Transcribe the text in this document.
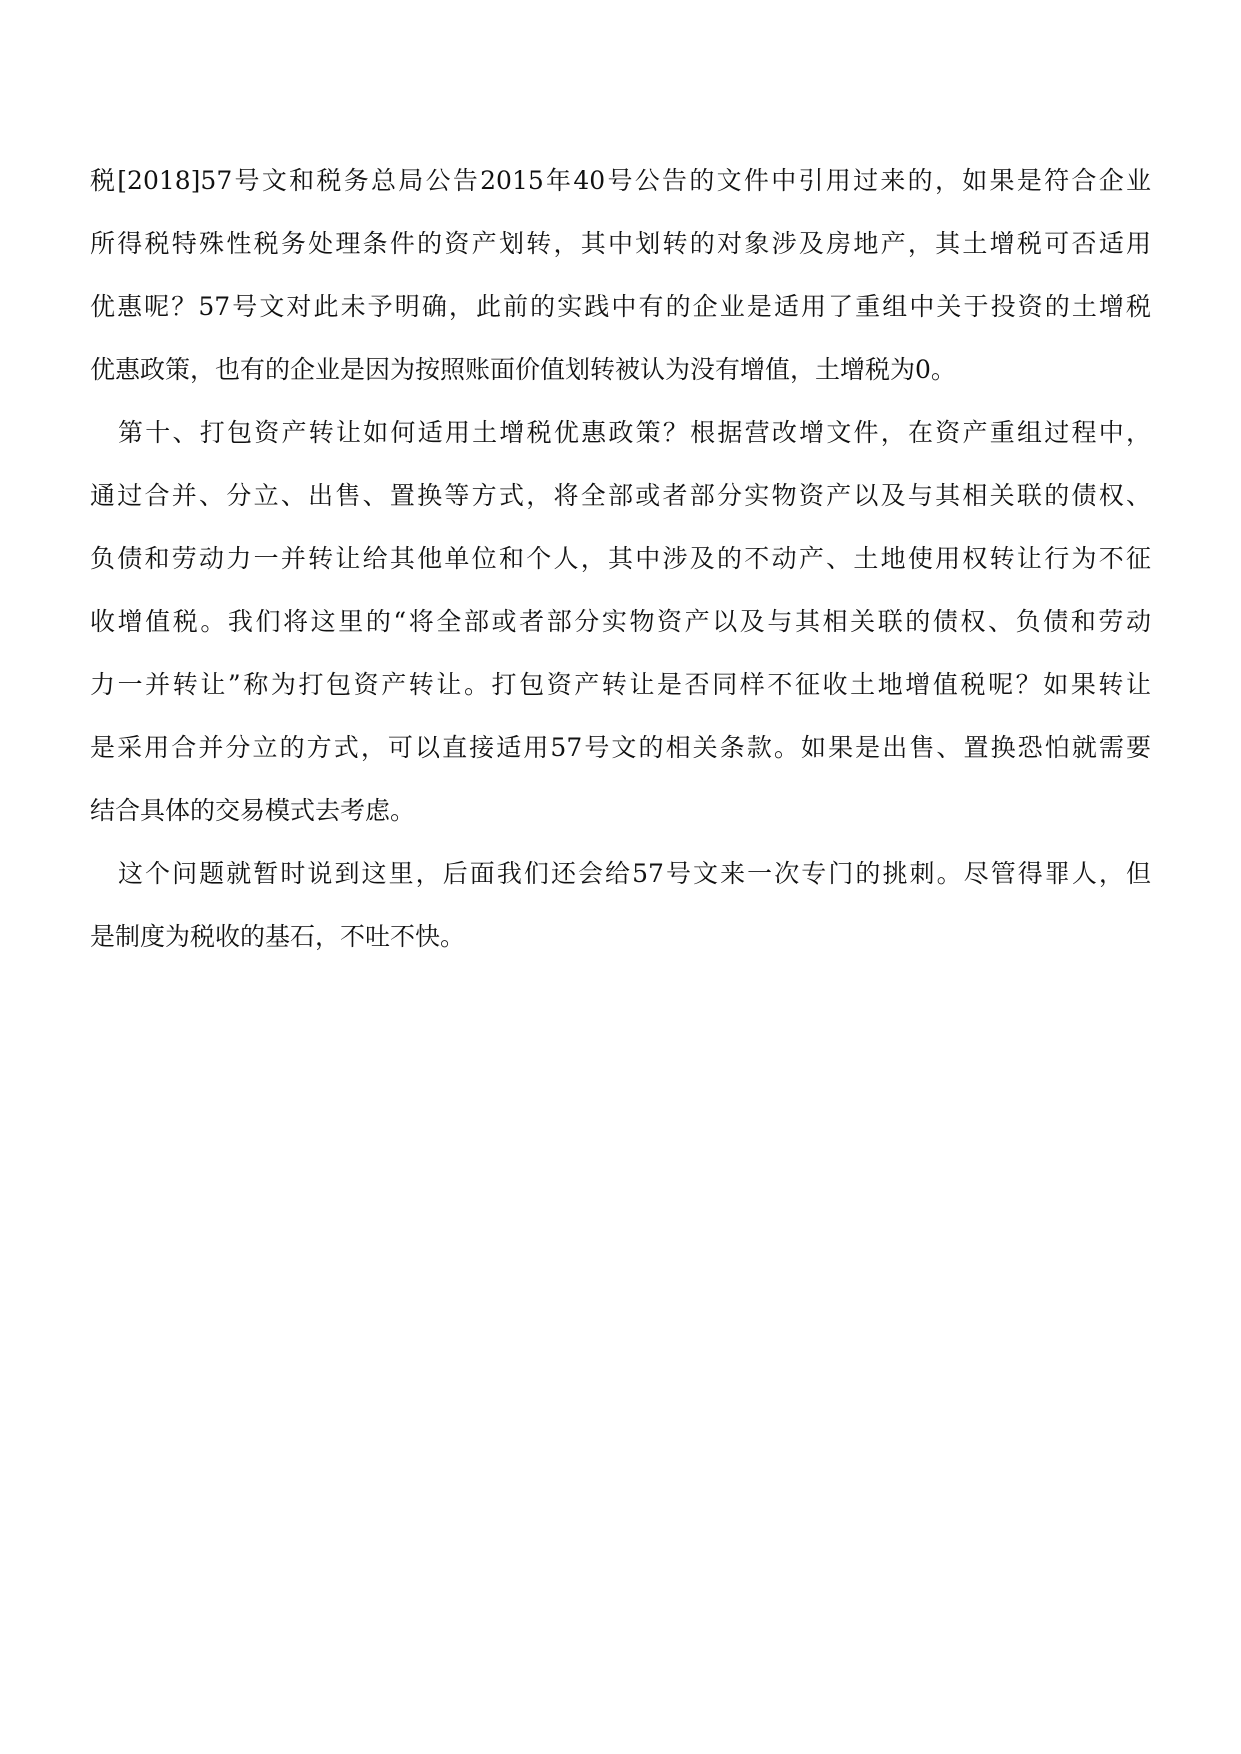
税[2018]57号文和税务总局公告2015年40号公告的文件中引用过来的，如果是符合企业
所得税特殊性税务处理条件的资产划转，其中划转的对象涉及房地产，其土增税可否适用
优惠呢？57号文对此未予明确，此前的实践中有的企业是适用了重组中关于投资的土增税
优惠政策，也有的企业是因为按照账面价值划转被认为没有增值，土增税为0。
第十、打包资产转让如何适用土增税优惠政策？根据营改增文件，在资产重组过程中，
通过合并、分立、出售、置换等方式，将全部或者部分实物资产以及与其相关联的债权、
负债和劳动力一并转让给其他单位和个人，其中涉及的不动产、土地使用权转让行为不征
收增值税。我们将这里的“将全部或者部分实物资产以及与其相关联的债权、负债和劳动
力一并转让”称为打包资产转让。打包资产转让是否同样不征收土地增值税呢？如果转让
是采用合并分立的方式，可以直接适用57号文的相关条款。如果是出售、置换恐怕就需要
结合具体的交易模式去考虑。
这个问题就暂时说到这里，后面我们还会给57号文来一次专门的挑刺。尽管得罪人，但
是制度为税收的基石，不吐不快。
